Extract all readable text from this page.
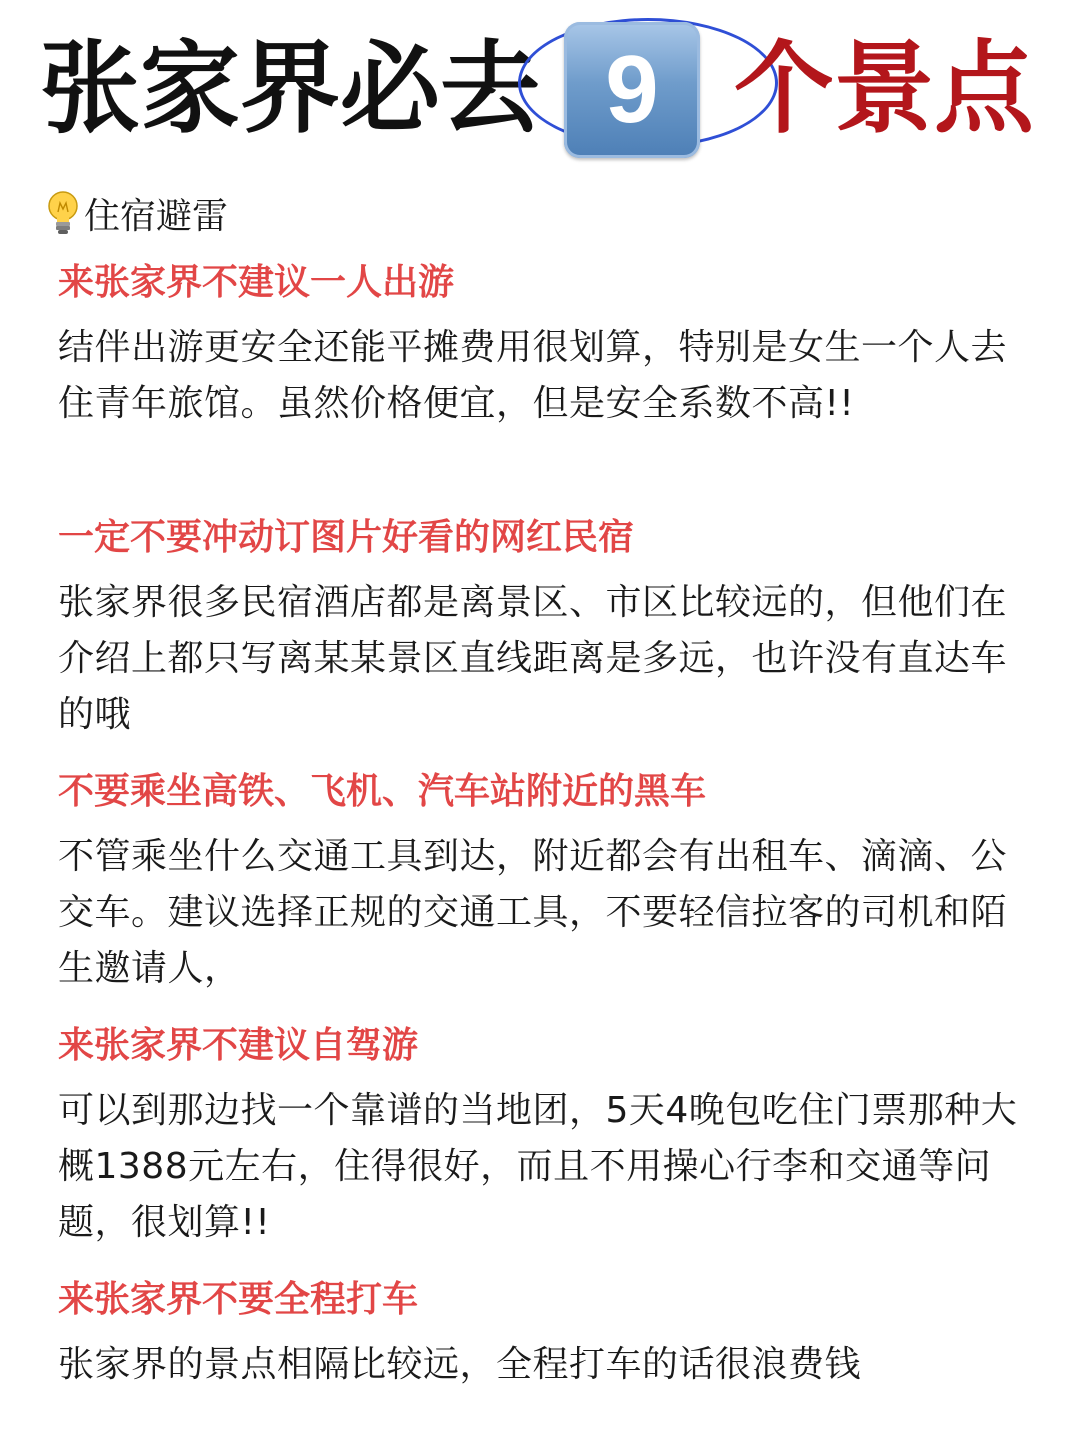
张家界必去 9 个景点
住宿避雷
来张家界不建议一人出游
结伴出游更安全还能平摊费用很划算，特别是女生一个人去住青年旅馆。虽然价格便宜，但是安全系数不高!!
一定不要冲动订图片好看的网红民宿
张家界很多民宿酒店都是离景区、市区比较远的，但他们在介绍上都只写离某某景区直线距离是多远，也许没有直达车的哦
不要乘坐高铁、飞机、汽车站附近的黑车
不管乘坐什么交通工具到达，附近都会有出租车、滴滴、公交车。建议选择正规的交通工具，不要轻信拉客的司机和陌生邀请人，
来张家界不建议自驾游
可以到那边找一个靠谱的当地团，5天4晚包吃住门票那种大概1388元左右，住得很好，而且不用操心行李和交通等问题，很划算!!
来张家界不要全程打车
张家界的景点相隔比较远，全程打车的话很浪费钱
